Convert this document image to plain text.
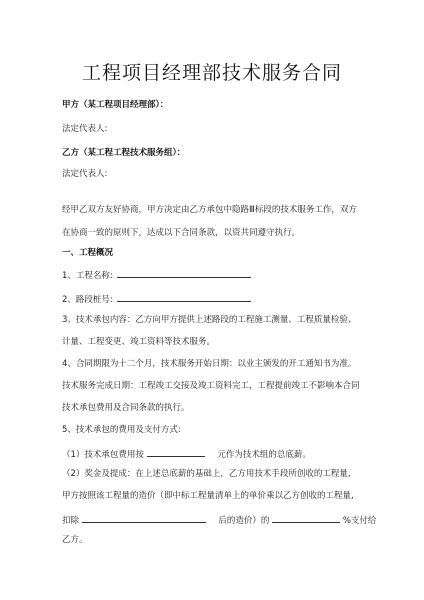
工程项目经理部技术服务合同
甲方（某工程项目经理部）：
法定代表人:
乙方（某工程工程技术服务组）：
法定代表人:
经甲乙双方友好协商，甲方决定由乙方承包中隐路Ⅲ标段的技术服务工作，双方
在协商一致的原则下，达成以下合同条款，以资共同遵守执行。
一、工程概况
1、工程名称:
2、路段桩号:
3、技术承包内容：乙方向甲方提供上述路段的工程施工测量、工程质量检验、
计量、工程变更、竣工资料等技术服务。
4、合同期限为十二个月，技术服务开始日期：以业主颁发的开工通知书为准。
技术服务完成日期：工程竣工交接及竣工资料完工，工程提前竣工不影响本合同
技术承包费用及合同条款的执行。
5、技术承包的费用及支付方式:
（1）技术承包费用按	元作为技术组的总底薪。
（2）奖金及提成：在上述总底薪的基础上，乙方用技术手段所创收的工程量,
甲方按照该工程量的造价（即中标工程量清单上的单价乘以乙方创收的工程量,
扣除	后的造价）的	%支付给
乙方。
